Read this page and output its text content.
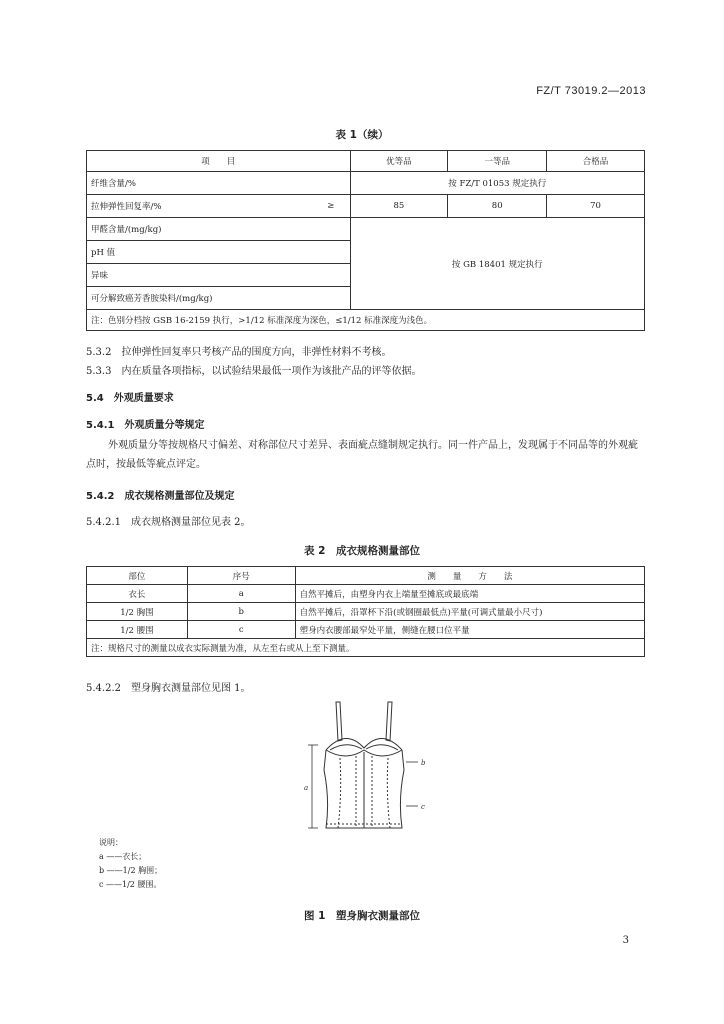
FZ/T 73019.2—2013
表 1（续）
项　　目		优等品	一等品	合格品
纤维含量/%		按 FZ/T 01053 规定执行		
拉伸弹性回复率/%	≥	85	80	70
甲醛含量/(mg/kg)		按 GB 18401 规定执行		
pH 值				
异味				
可分解致癌芳香胺染料/(mg/kg)				
注：色别分档按 GSB 16-2159 执行，>1/12 标准深度为深色，≤1/12 标准深度为浅色。				
5.3.2　拉伸弹性回复率只考核产品的围度方向，非弹性材料不考核。
5.3.3　内在质量各项指标，以试验结果最低一项作为该批产品的评等依据。
5.4　外观质量要求
5.4.1　外观质量分等规定
外观质量分等按规格尺寸偏差、对称部位尺寸差异、表面疵点缝制规定执行。同一件产品上，发现属于不同品等的外观疵点时，按最低等疵点评定。
5.4.2　成衣规格测量部位及规定
5.4.2.1　成衣规格测量部位见表 2。
表 2　成衣规格测量部位
部位	序号	测　　量　　方　　法
衣长	a	自然平摊后，由塑身内衣上端量至摊底或最底端
1/2 胸围	b	自然平摊后，沿罩杯下沿(或钢圈最低点)平量(可调式量最小尺寸)
1/2 腰围	c	塑身内衣腰部最窄处平量，侧缝在腰口位平量
注：规格尺寸的测量以成衣实际测量为准，从左至右或从上至下测量。		
5.4.2.2　塑身胸衣测量部位见图 1。
a
b
c
说明：
a ——衣长；
b ——1/2 胸围；
c ——1/2 腰围。
图 1　塑身胸衣测量部位
3
